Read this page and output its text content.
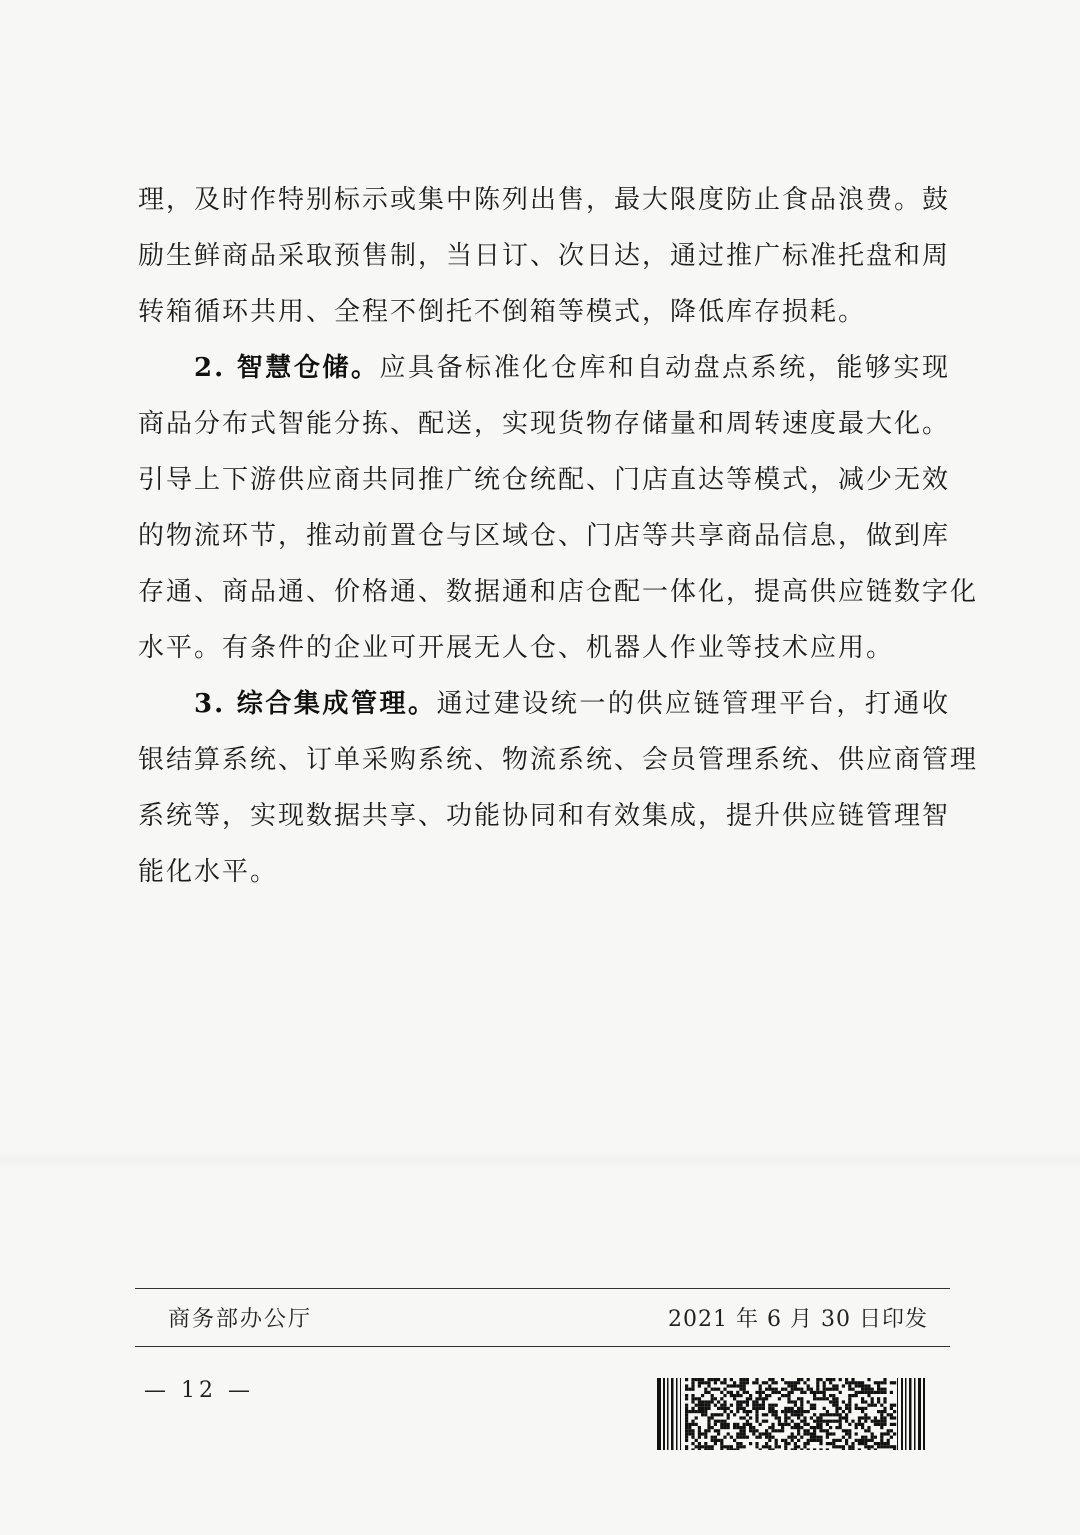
理，及时作特别标示或集中陈列出售，最大限度防止食品浪费。鼓
励生鲜商品采取预售制，当日订、次日达，通过推广标准托盘和周
转箱循环共用、全程不倒托不倒箱等模式，降低库存损耗。
2. 智慧仓储。应具备标准化仓库和自动盘点系统，能够实现
商品分布式智能分拣、配送，实现货物存储量和周转速度最大化。
引导上下游供应商共同推广统仓统配、门店直达等模式，减少无效
的物流环节，推动前置仓与区域仓、门店等共享商品信息，做到库
存通、商品通、价格通、数据通和店仓配一体化，提高供应链数字化
水平。有条件的企业可开展无人仓、机器人作业等技术应用。
3. 综合集成管理。通过建设统一的供应链管理平台，打通收
银结算系统、订单采购系统、物流系统、会员管理系统、供应商管理
系统等，实现数据共享、功能协同和有效集成，提升供应链管理智
能化水平。
商务部办公厅	2021 年 6 月 30 日印发
— 12 —
